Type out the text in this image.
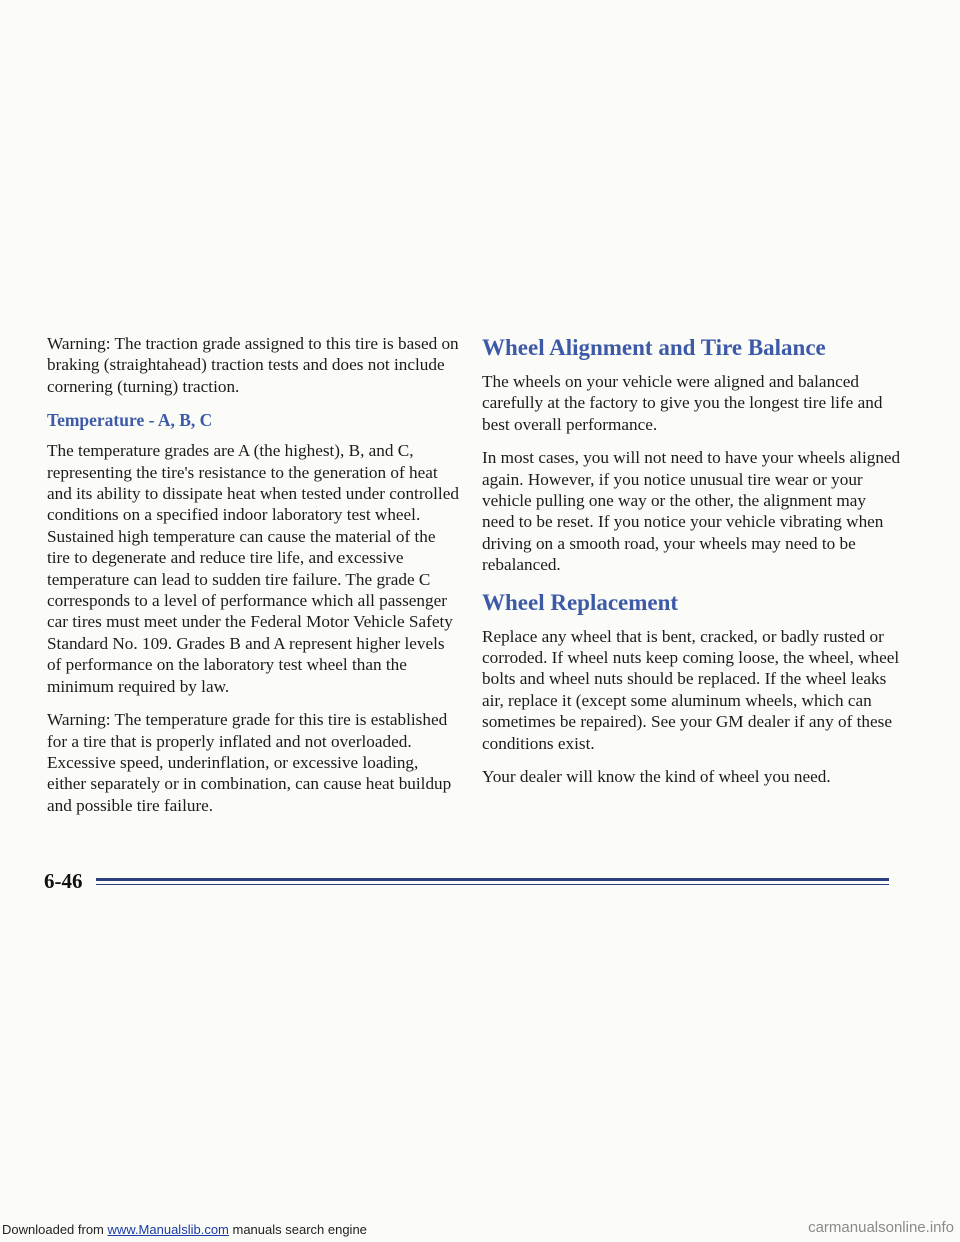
Warning: The traction grade assigned to this tire is based on braking (straightahead) traction tests and does not include cornering (turning) traction.

Temperature - A, B, C

The temperature grades are A (the highest), B, and C, representing the tire's resistance to the generation of heat and its ability to dissipate heat when tested under controlled conditions on a specified indoor laboratory test wheel. Sustained high temperature can cause the material of the tire to degenerate and reduce tire life, and excessive temperature can lead to sudden tire failure. The grade C corresponds to a level of performance which all passenger car tires must meet under the Federal Motor Vehicle Safety Standard No. 109. Grades B and A represent higher levels of performance on the laboratory test wheel than the minimum required by law.

Warning: The temperature grade for this tire is established for a tire that is properly inflated and not overloaded. Excessive speed, underinflation, or excessive loading, either separately or in combination, can cause heat buildup and possible tire failure.

Wheel Alignment and Tire Balance

The wheels on your vehicle were aligned and balanced carefully at the factory to give you the longest tire life and best overall performance.

In most cases, you will not need to have your wheels aligned again. However, if you notice unusual tire wear or your vehicle pulling one way or the other, the alignment may need to be reset. If you notice your vehicle vibrating when driving on a smooth road, your wheels may need to be rebalanced.

Wheel Replacement

Replace any wheel that is bent, cracked, or badly rusted or corroded. If wheel nuts keep coming loose, the wheel, wheel bolts and wheel nuts should be replaced. If the wheel leaks air, replace it (except some aluminum wheels, which can sometimes be repaired). See your GM dealer if any of these conditions exist.

Your dealer will know the kind of wheel you need.

6-46
Downloaded from www.Manualslib.com manuals search engine	carmanualsonline.info
